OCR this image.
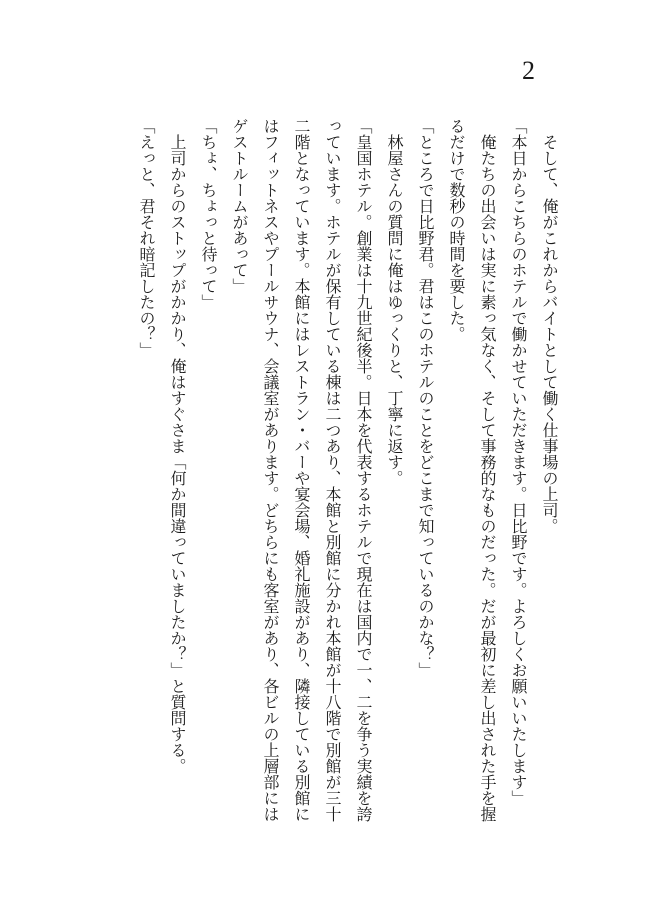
2
そして、俺がこれからバイトとして働く仕事場の上司。
「本日からこちらのホテルで働かせていただきます。日比野です。よろしくお願いいたします」
俺たちの出会いは実に素っ気なく、そして事務的なものだった。だが最初に差し出された手を握
るだけで数秒の時間を要した。
「ところで日比野君。君はこのホテルのことをどこまで知っているのかな？」
林屋さんの質問に俺はゆっくりと、丁寧に返す。
「皇国ホテル。創業は十九世紀後半。日本を代表するホテルで現在は国内で一、二を争う実績を誇
っています。ホテルが保有している棟は二つあり、本館と別館に分かれ本館が十八階で別館が三十
二階となっています。本館にはレストラン・バーや宴会場、婚礼施設があり、隣接している別館に
はフィットネスやプールサウナ、会議室があります。どちらにも客室があり、各ビルの上層部には
ゲストルームがあって」
「ちょ、ちょっと待って」
上司からのストップがかかり、俺はすぐさま「何か間違っていましたか？」と質問する。
「えっと、君それ暗記したの？」
